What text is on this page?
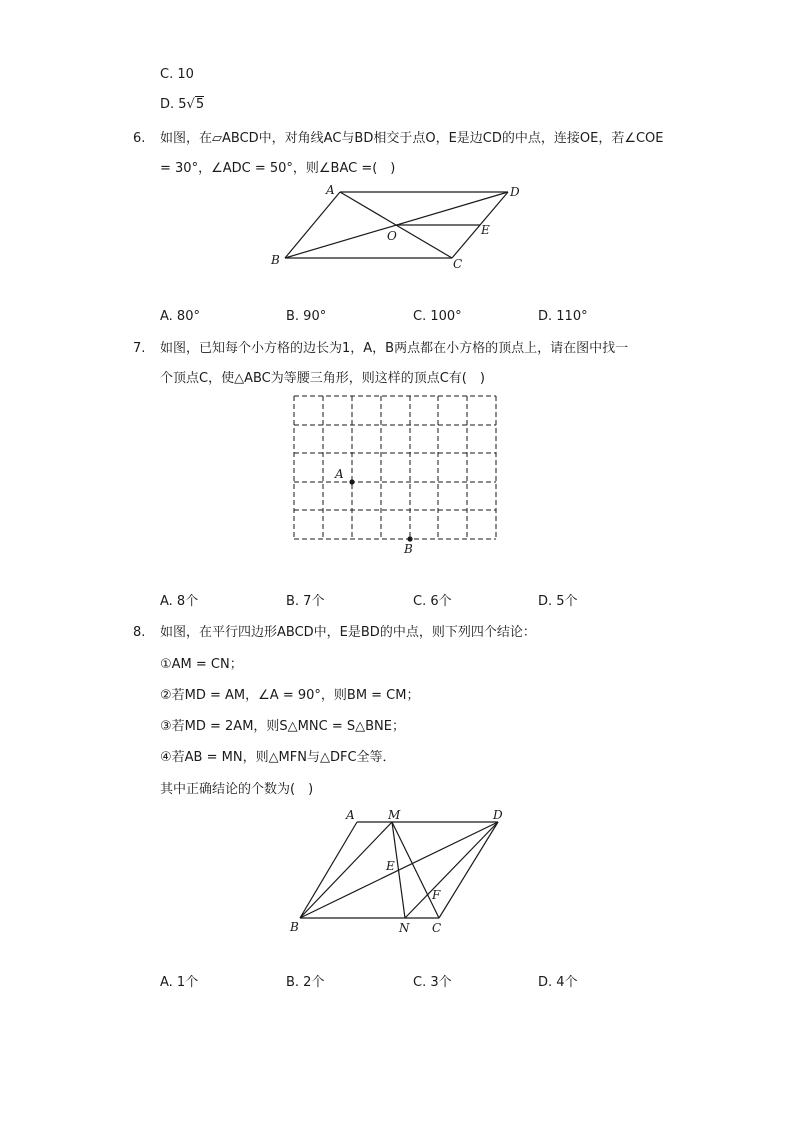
C. 10
D. 5√5
6. 如图，在▱ABCD中，对角线AC与BD相交于点O，E是边CD的中点，连接OE，若∠COE
= 30°，∠ADC = 50°，则∠BAC =(　)
A	D
B	C
O	E
A. 80°	B. 90°	C. 100°	D. 110°
7. 如图，已知每个小方格的边长为1，A，B两点都在小方格的顶点上，请在图中找一
个顶点C，使△ABC为等腰三角形，则这样的顶点C有(　)
A
B
A. 8个	B. 7个	C. 6个	D. 5个
8. 如图，在平行四边形ABCD中，E是BD的中点，则下列四个结论：
①AM = CN；
②若MD = AM，∠A = 90°，则BM = CM；
③若MD = 2AM，则S△MNC = S△BNE；
④若AB = MN，则△MFN与△DFC全等．
其中正确结论的个数为(　)
A	M	D
E
F
B	N C
A. 1个	B. 2个	C. 3个	D. 4个
